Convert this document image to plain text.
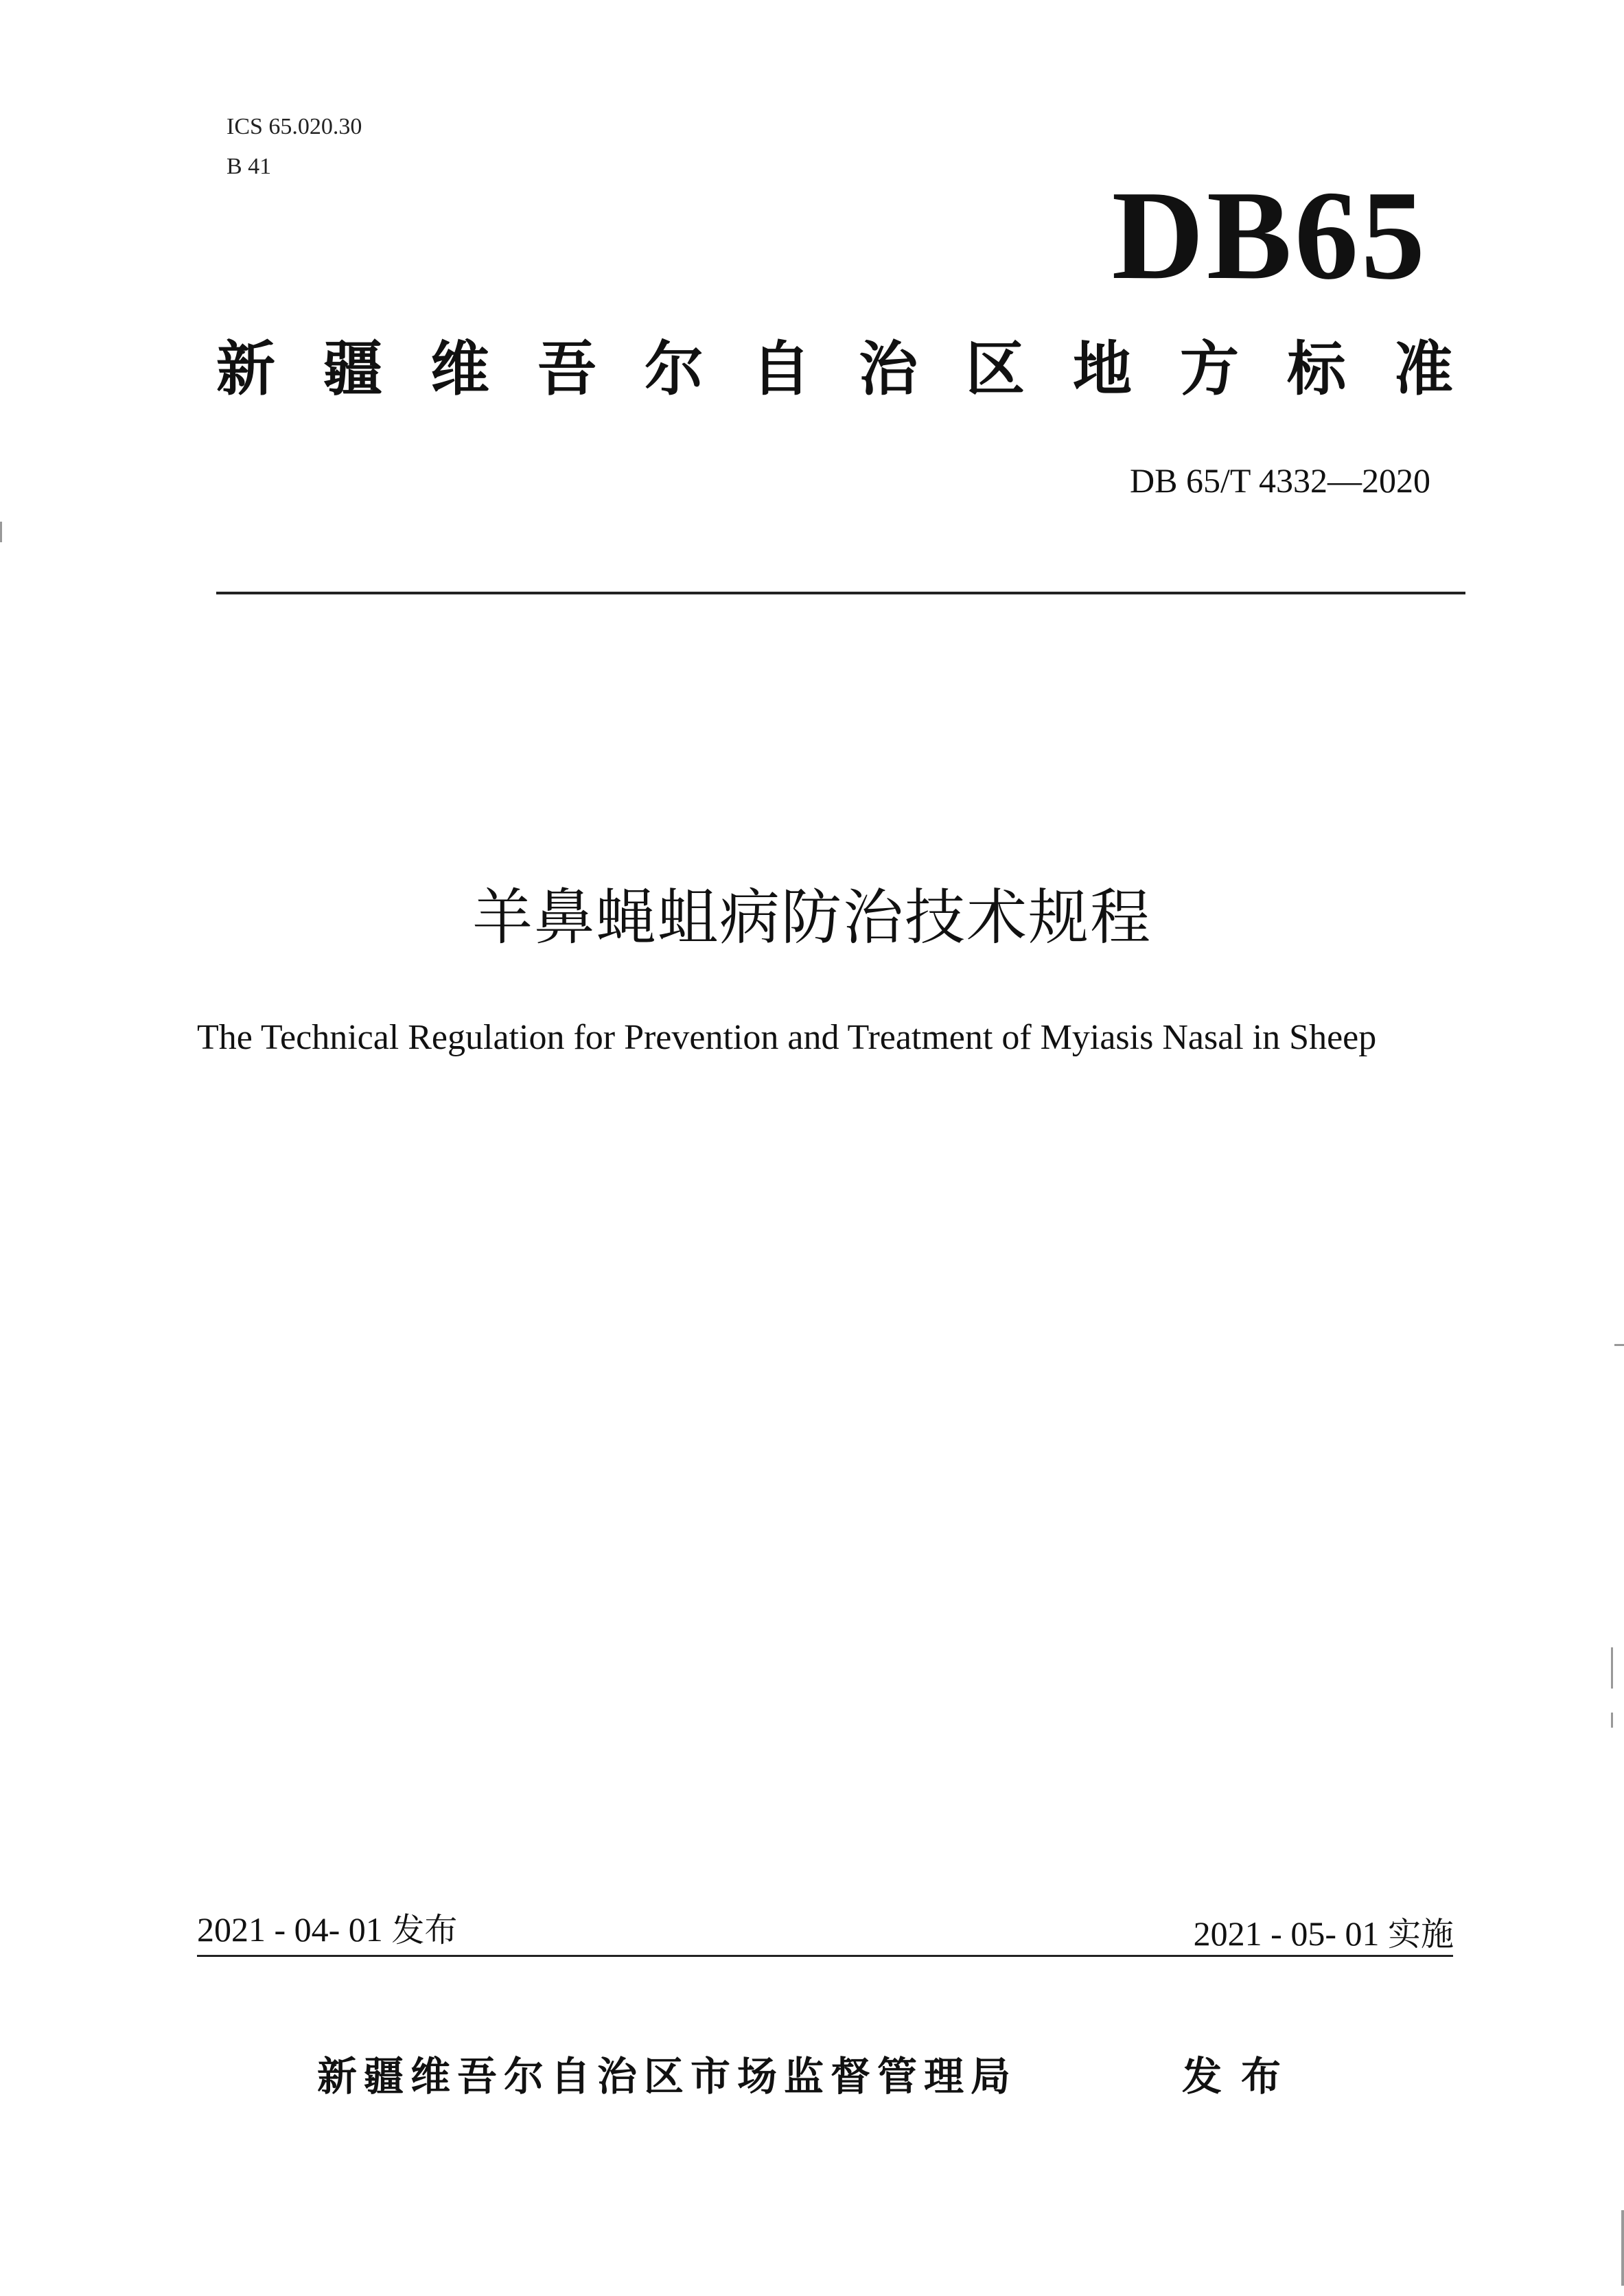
ICS 65.020.30
B 41	DB65
新疆维吾尔自治区地方标准
DB 65/T 4332—2020
羊鼻蝇蛆病防治技术规程
The Technical Regulation for Prevention and Treatment of Myiasis Nasal in Sheep
2021 - 04- 01 发布	2021 - 05- 01 实施
新疆维吾尔自治区市场监督管理局	发布
